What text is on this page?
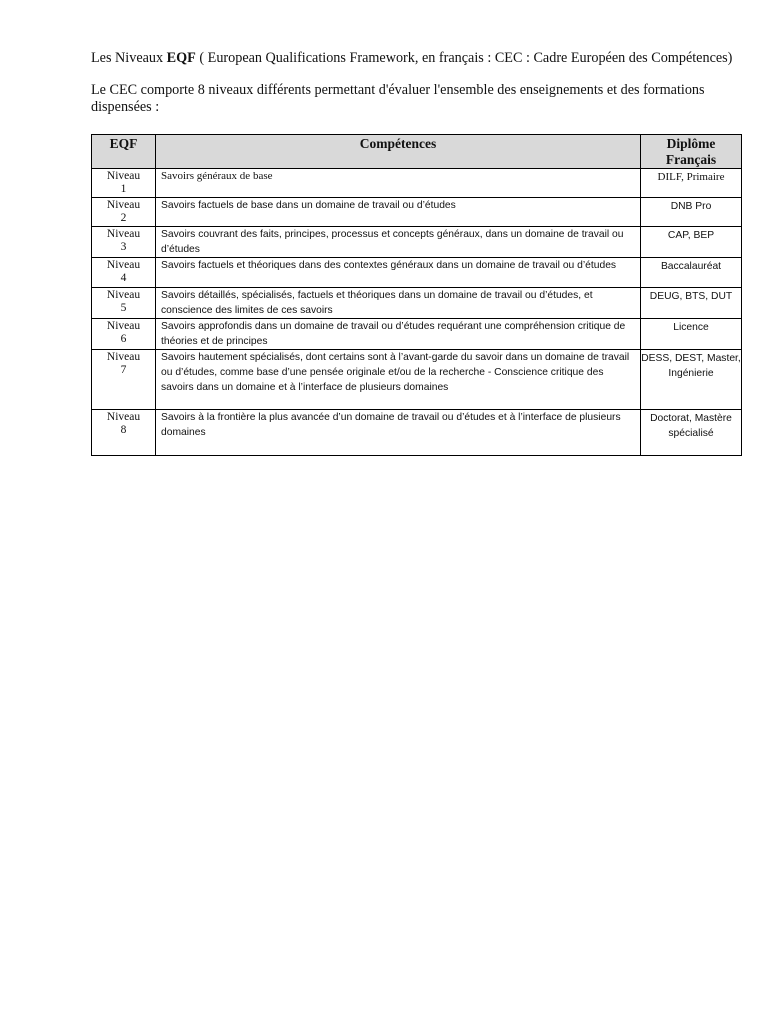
Les Niveaux EQF ( European Qualifications Framework, en français : CEC : Cadre Européen des Compétences)

Le CEC comporte 8 niveaux différents permettant d'évaluer l'ensemble des enseignements et des formations dispensées :

EQF	Compétences	Diplôme Français

Niveau
1	Savoirs généraux de base	DILF, Primaire

Niveau
2	Savoirs factuels de base dans un domaine de travail ou d’études	DNB Pro

Niveau
3	Savoirs couvrant des faits, principes, processus et concepts généraux, dans un domaine de travail ou d’études	CAP, BEP

Niveau
4	Savoirs factuels et théoriques dans des contextes généraux dans un domaine de travail ou d’études	Baccalauréat

Niveau
5	Savoirs détaillés, spécialisés, factuels et théoriques dans un domaine de travail ou d’études, et conscience des limites de ces savoirs	DEUG, BTS, DUT

Niveau
6	Savoirs approfondis dans un domaine de travail ou d’études requérant une compréhension critique de théories et de principes	Licence

Niveau
7	Savoirs hautement spécialisés, dont certains sont à l’avant-garde du savoir dans un domaine de travail ou d’études, comme base d’une pensée originale et/ou de la recherche - Conscience critique des savoirs dans un domaine et à l’interface de plusieurs domaines	DESS, DEST, Master, Ingénierie

Niveau
8	Savoirs à la frontière la plus avancée d’un domaine de travail ou d’études et à l’interface de plusieurs domaines	Doctorat, Mastère spécialisé
